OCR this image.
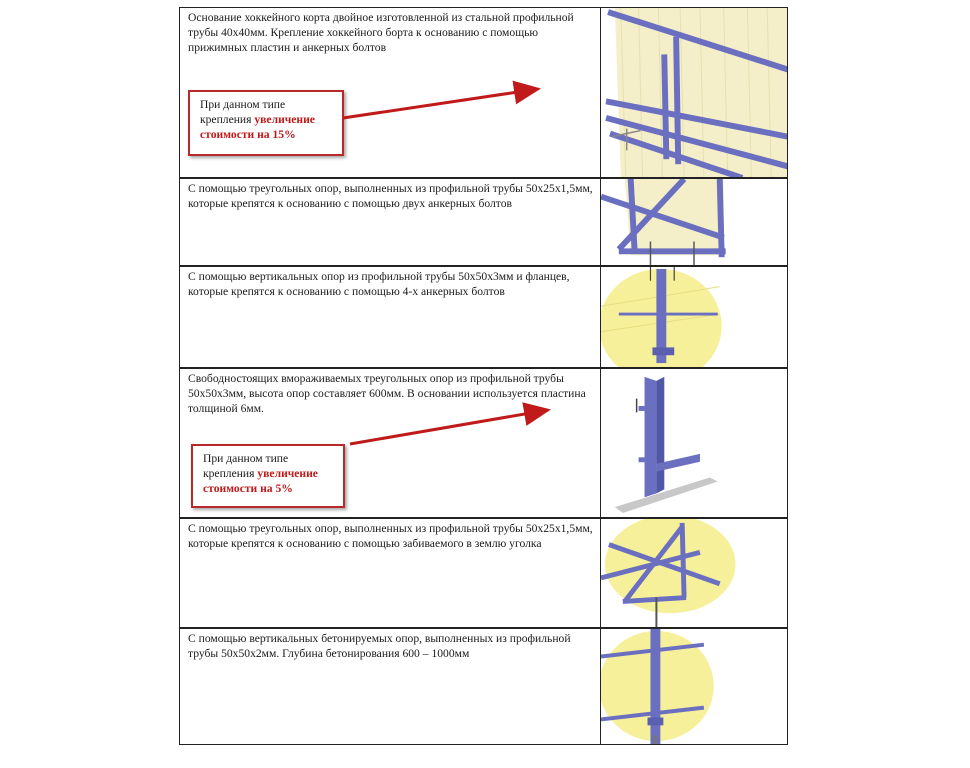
Основание хоккейного корта двойное изготовленной из стальной профильной трубы 40х40мм. Крепление хоккейного борта к основанию с помощью прижимных пластин и анкерных болтов
При данном типе крепления увеличение стоимости на 15%
С помощью треугольных опор, выполненных из профильной трубы 50х25х1,5мм, которые крепятся к основанию с помощью двух анкерных болтов
С помощью вертикальных опор из профильной трубы 50х50х3мм и фланцев, которые крепятся к основанию с помощью 4-х анкерных болтов
Свободностоящих вмораживаемых треугольных опор из профильной трубы 50х50х3мм, высота опор составляет 600мм. В основании используется пластина толщиной 6мм.
При данном типе крепления увеличение стоимости на 5%
С помощью треугольных опор, выполненных из профильной трубы 50х25х1,5мм, которые крепятся к основанию с помощью забиваемого в землю уголка
С помощью вертикальных бетонируемых опор, выполненных из профильной трубы 50х50х2мм. Глубина бетонирования 600 – 1000мм
